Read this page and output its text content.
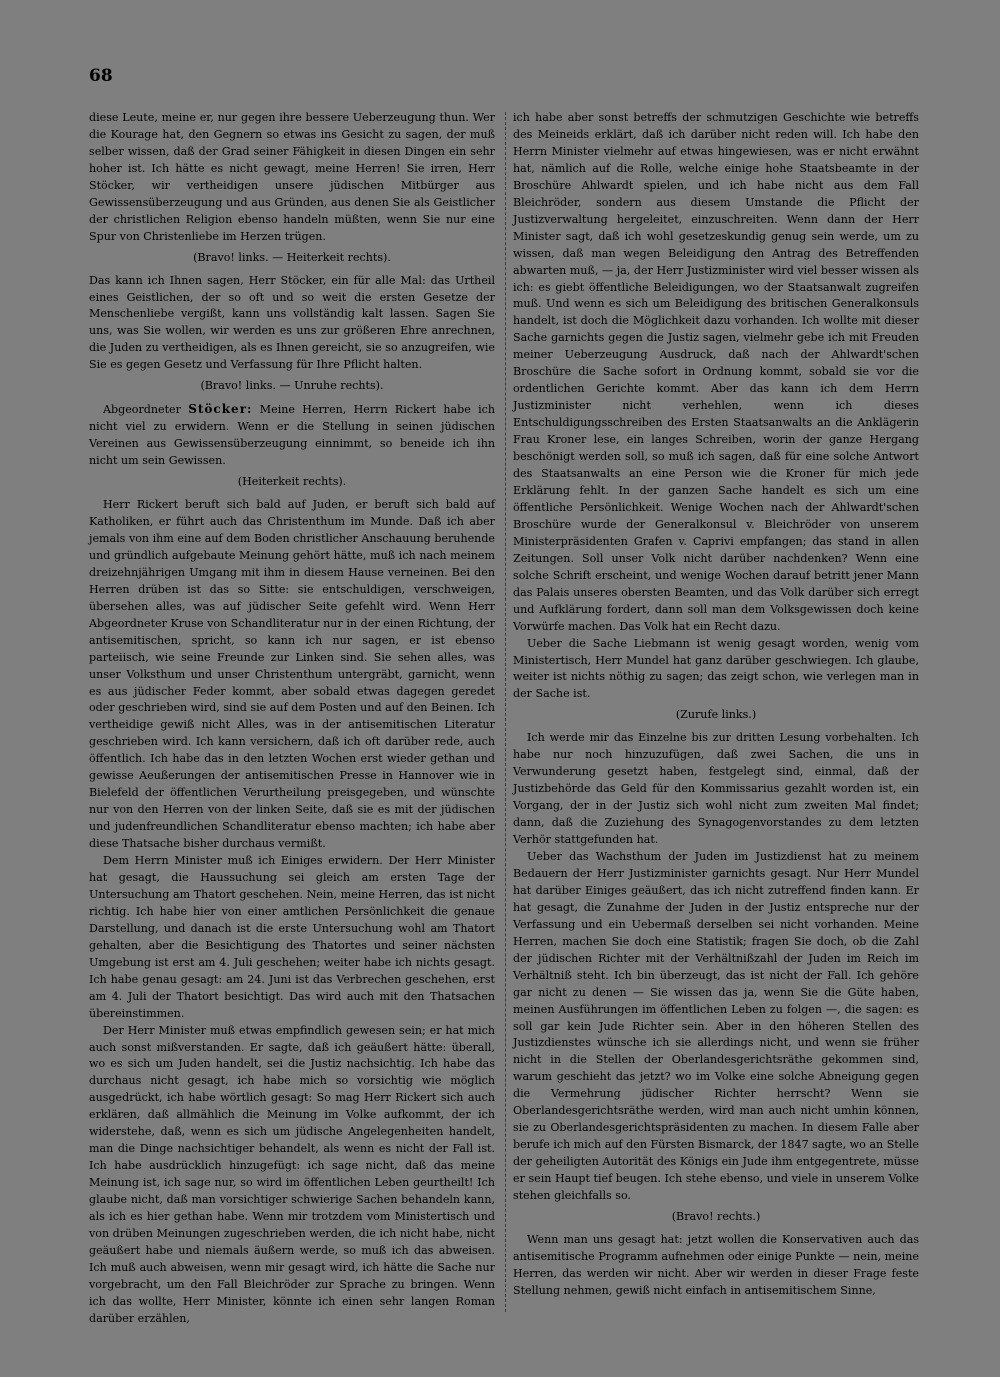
68

diese Leute, meine er, nur gegen ihre bessere Ueberzeugung thun. Wer die Kourage hat, den Gegnern so etwas ins Gesicht zu sagen, der muß selber wissen, daß der Grad seiner Fähigkeit in diesen Dingen ein sehr hoher ist. Ich hätte es nicht gewagt, meine Herren! Sie irren, Herr Stöcker, wir vertheidigen unsere jüdischen Mitbürger aus Gewissensüberzeugung und aus Gründen, aus denen Sie als Geistlicher der christlichen Religion ebenso handeln müßten, wenn Sie nur eine Spur von Christenliebe im Herzen trügen.

(Bravo! links. — Heiterkeit rechts).

Das kann ich Ihnen sagen, Herr Stöcker, ein für alle Mal: das Urtheil eines Geistlichen, der so oft und so weit die ersten Gesetze der Menschenliebe vergißt, kann uns vollständig kalt lassen. Sagen Sie uns, was Sie wollen, wir werden es uns zur größeren Ehre anrechnen, die Juden zu vertheidigen, als es Ihnen gereicht, sie so anzugreifen, wie Sie es gegen Gesetz und Verfassung für Ihre Pflicht halten.

(Bravo! links. — Unruhe rechts).

Abgeordneter Stöcker: Meine Herren, Herrn Rickert habe ich nicht viel zu erwidern. Wenn er die Stellung in seinen jüdischen Vereinen aus Gewissensüberzeugung einnimmt, so beneide ich ihn nicht um sein Gewissen.

(Heiterkeit rechts).

Herr Rickert beruft sich bald auf Juden, er beruft sich bald auf Katholiken, er führt auch das Christenthum im Munde. Daß ich aber jemals von ihm eine auf dem Boden christlicher Anschauung beruhende und gründlich aufgebaute Meinung gehört hätte, muß ich nach meinem dreizehnjährigen Umgang mit ihm in diesem Hause verneinen. Bei den Herren drüben ist das so Sitte: sie entschuldigen, verschweigen, übersehen alles, was auf jüdischer Seite gefehlt wird. Wenn Herr Abgeordneter Kruse von Schandliteratur nur in der einen Richtung, der antisemitischen, spricht, so kann ich nur sagen, er ist ebenso parteiisch, wie seine Freunde zur Linken sind. Sie sehen alles, was unser Volksthum und unser Christenthum untergräbt, garnicht, wenn es aus jüdischer Feder kommt, aber sobald etwas dagegen geredet oder geschrieben wird, sind sie auf dem Posten und auf den Beinen. Ich vertheidige gewiß nicht Alles, was in der antisemitischen Literatur geschrieben wird. Ich kann versichern, daß ich oft darüber rede, auch öffentlich. Ich habe das in den letzten Wochen erst wieder gethan und gewisse Aeußerungen der antisemitischen Presse in Hannover wie in Bielefeld der öffentlichen Verurtheilung preisgegeben, und wünschte nur von den Herren von der linken Seite, daß sie es mit der jüdischen und judenfreundlichen Schandliteratur ebenso machten; ich habe aber diese Thatsache bisher durchaus vermißt.

Dem Herrn Minister muß ich Einiges erwidern. Der Herr Minister hat gesagt, die Haussuchung sei gleich am ersten Tage der Untersuchung am Thatort geschehen. Nein, meine Herren, das ist nicht richtig. Ich habe hier von einer amtlichen Persönlichkeit die genaue Darstellung, und danach ist die erste Untersuchung wohl am Thatort gehalten, aber die Besichtigung des Thatortes und seiner nächsten Umgebung ist erst am 4. Juli geschehen; weiter habe ich nichts gesagt. Ich habe genau gesagt: am 24. Juni ist das Verbrechen geschehen, erst am 4. Juli der Thatort besichtigt. Das wird auch mit den Thatsachen übereinstimmen.

Der Herr Minister muß etwas empfindlich gewesen sein; er hat mich auch sonst mißverstanden. Er sagte, daß ich geäußert hätte: überall, wo es sich um Juden handelt, sei die Justiz nachsichtig. Ich habe das durchaus nicht gesagt, ich habe mich so vorsichtig wie möglich ausgedrückt, ich habe wörtlich gesagt: So mag Herr Rickert sich auch erklären, daß allmählich die Meinung im Volke aufkommt, der ich widerstehe, daß, wenn es sich um jüdische Angelegenheiten handelt, man die Dinge nachsichtiger behandelt, als wenn es nicht der Fall ist. Ich habe ausdrücklich hinzugefügt: ich sage nicht, daß das meine Meinung ist, ich sage nur, so wird im öffentlichen Leben geurtheilt! Ich glaube nicht, daß man vorsichtiger schwierige Sachen behandeln kann, als ich es hier gethan habe. Wenn mir trotzdem vom Ministertisch und von drüben Meinungen zugeschrieben werden, die ich nicht habe, nicht geäußert habe und niemals äußern werde, so muß ich das abweisen. Ich muß auch abweisen, wenn mir gesagt wird, ich hätte die Sache nur vorgebracht, um den Fall Bleichröder zur Sprache zu bringen. Wenn ich das wollte, Herr Minister, könnte ich einen sehr langen Roman darüber erzählen,

ich habe aber sonst betreffs der schmutzigen Geschichte wie betreffs des Meineids erklärt, daß ich darüber nicht reden will. Ich habe den Herrn Minister vielmehr auf etwas hingewiesen, was er nicht erwähnt hat, nämlich auf die Rolle, welche einige hohe Staatsbeamte in der Broschüre Ahlwardt spielen, und ich habe nicht aus dem Fall Bleichröder, sondern aus diesem Umstande die Pflicht der Justizverwaltung hergeleitet, einzuschreiten. Wenn dann der Herr Minister sagt, daß ich wohl gesetzeskundig genug sein werde, um zu wissen, daß man wegen Beleidigung den Antrag des Betreffenden abwarten muß, — ja, der Herr Justizminister wird viel besser wissen als ich: es giebt öffentliche Beleidigungen, wo der Staatsanwalt zugreifen muß. Und wenn es sich um Beleidigung des britischen Generalkonsuls handelt, ist doch die Möglichkeit dazu vorhanden. Ich wollte mit dieser Sache garnichts gegen die Justiz sagen, vielmehr gebe ich mit Freuden meiner Ueberzeugung Ausdruck, daß nach der Ahlwardt'schen Broschüre die Sache sofort in Ordnung kommt, sobald sie vor die ordentlichen Gerichte kommt. Aber das kann ich dem Herrn Justizminister nicht verhehlen, wenn ich dieses Entschuldigungsschreiben des Ersten Staatsanwalts an die Anklägerin Frau Kroner lese, ein langes Schreiben, worin der ganze Hergang beschönigt werden soll, so muß ich sagen, daß für eine solche Antwort des Staatsanwalts an eine Person wie die Kroner für mich jede Erklärung fehlt. In der ganzen Sache handelt es sich um eine öffentliche Persönlichkeit. Wenige Wochen nach der Ahlwardt'schen Broschüre wurde der Generalkonsul v. Bleichröder von unserem Ministerpräsidenten Grafen v. Caprivi empfangen; das stand in allen Zeitungen. Soll unser Volk nicht darüber nachdenken? Wenn eine solche Schrift erscheint, und wenige Wochen darauf betritt jener Mann das Palais unseres obersten Beamten, und das Volk darüber sich erregt und Aufklärung fordert, dann soll man dem Volksgewissen doch keine Vorwürfe machen. Das Volk hat ein Recht dazu.

Ueber die Sache Liebmann ist wenig gesagt worden, wenig vom Ministertisch, Herr Mundel hat ganz darüber geschwiegen. Ich glaube, weiter ist nichts nöthig zu sagen; das zeigt schon, wie verlegen man in der Sache ist.

(Zurufe links.)

Ich werde mir das Einzelne bis zur dritten Lesung vorbehalten. Ich habe nur noch hinzuzufügen, daß zwei Sachen, die uns in Verwunderung gesetzt haben, festgelegt sind, einmal, daß der Justizbehörde das Geld für den Kommissarius gezahlt worden ist, ein Vorgang, der in der Justiz sich wohl nicht zum zweiten Mal findet; dann, daß die Zuziehung des Synagogenvorstandes zu dem letzten Verhör stattgefunden hat.

Ueber das Wachsthum der Juden im Justizdienst hat zu meinem Bedauern der Herr Justizminister garnichts gesagt. Nur Herr Mundel hat darüber Einiges geäußert, das ich nicht zutreffend finden kann. Er hat gesagt, die Zunahme der Juden in der Justiz entspreche nur der Verfassung und ein Uebermaß derselben sei nicht vorhanden. Meine Herren, machen Sie doch eine Statistik; fragen Sie doch, ob die Zahl der jüdischen Richter mit der Verhältnißzahl der Juden im Reich im Verhältniß steht. Ich bin überzeugt, das ist nicht der Fall. Ich gehöre gar nicht zu denen — Sie wissen das ja, wenn Sie die Güte haben, meinen Ausführungen im öffentlichen Leben zu folgen —, die sagen: es soll gar kein Jude Richter sein. Aber in den höheren Stellen des Justizdienstes wünsche ich sie allerdings nicht, und wenn sie früher nicht in die Stellen der Oberlandesgerichtsräthe gekommen sind, warum geschieht das jetzt? wo im Volke eine solche Abneigung gegen die Vermehrung jüdischer Richter herrscht? Wenn sie Oberlandesgerichtsräthe werden, wird man auch nicht umhin können, sie zu Oberlandesgerichtspräsidenten zu machen. In diesem Falle aber berufe ich mich auf den Fürsten Bismarck, der 1847 sagte, wo an Stelle der geheiligten Autorität des Königs ein Jude ihm entgegentrete, müsse er sein Haupt tief beugen. Ich stehe ebenso, und viele in unserem Volke stehen gleichfalls so.

(Bravo! rechts.)

Wenn man uns gesagt hat: jetzt wollen die Konservativen auch das antisemitische Programm aufnehmen oder einige Punkte — nein, meine Herren, das werden wir nicht. Aber wir werden in dieser Frage feste Stellung nehmen, gewiß nicht einfach in antisemitischem Sinne,
